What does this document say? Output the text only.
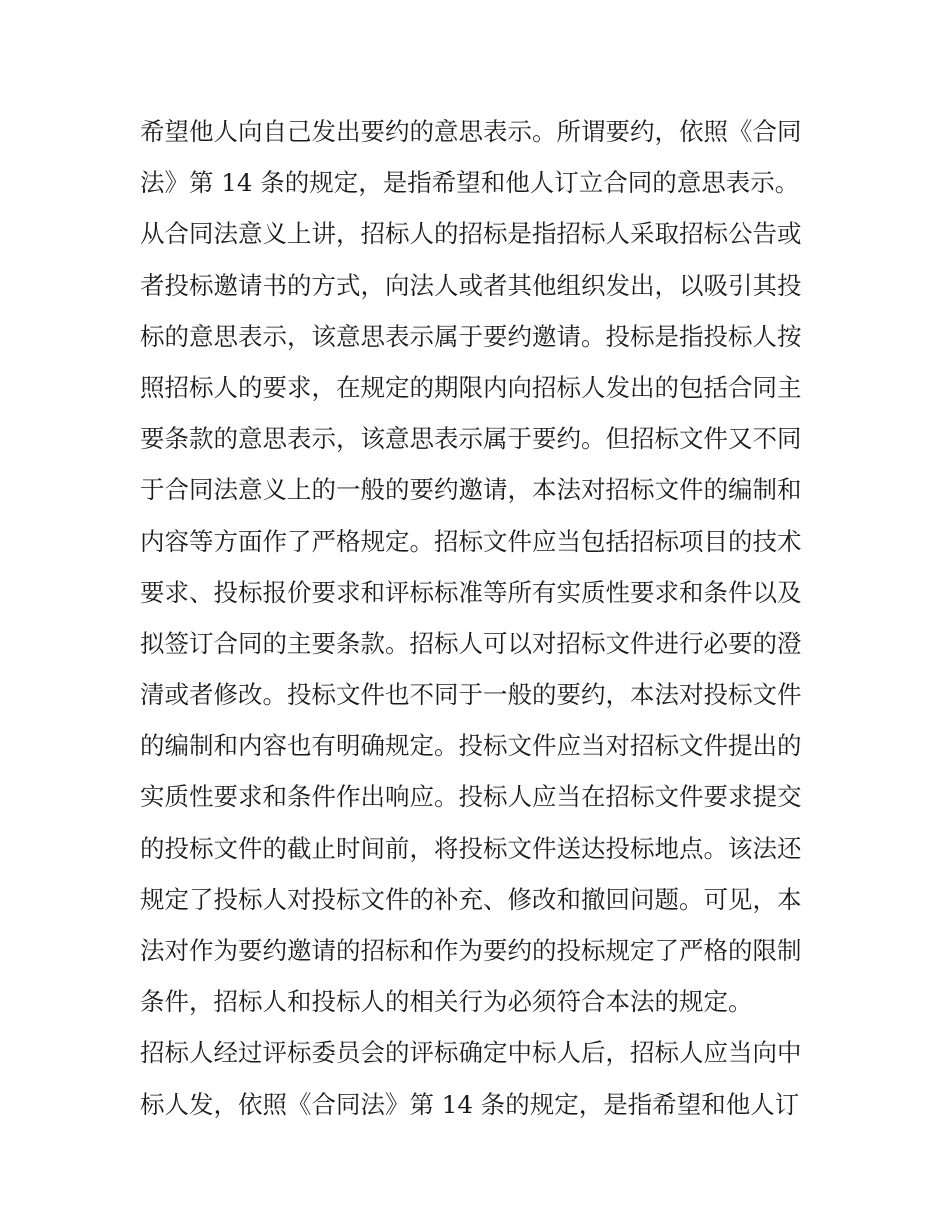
希望他人向自己发出要约的意思表示。所谓要约，依照《合同
法》第 14 条的规定，是指希望和他人订立合同的意思表示。
从合同法意义上讲，招标人的招标是指招标人采取招标公告或
者投标邀请书的方式，向法人或者其他组织发出，以吸引其投
标的意思表示，该意思表示属于要约邀请。投标是指投标人按
照招标人的要求，在规定的期限内向招标人发出的包括合同主
要条款的意思表示，该意思表示属于要约。但招标文件又不同
于合同法意义上的一般的要约邀请，本法对招标文件的编制和
内容等方面作了严格规定。招标文件应当包括招标项目的技术
要求、投标报价要求和评标标准等所有实质性要求和条件以及
拟签订合同的主要条款。招标人可以对招标文件进行必要的澄
清或者修改。投标文件也不同于一般的要约，本法对投标文件
的编制和内容也有明确规定。投标文件应当对招标文件提出的
实质性要求和条件作出响应。投标人应当在招标文件要求提交
的投标文件的截止时间前，将投标文件送达投标地点。该法还
规定了投标人对投标文件的补充、修改和撤回问题。可见，本
法对作为要约邀请的招标和作为要约的投标规定了严格的限制
条件，招标人和投标人的相关行为必须符合本法的规定。
招标人经过评标委员会的评标确定中标人后，招标人应当向中
标人发，依照《合同法》第 14 条的规定，是指希望和他人订
